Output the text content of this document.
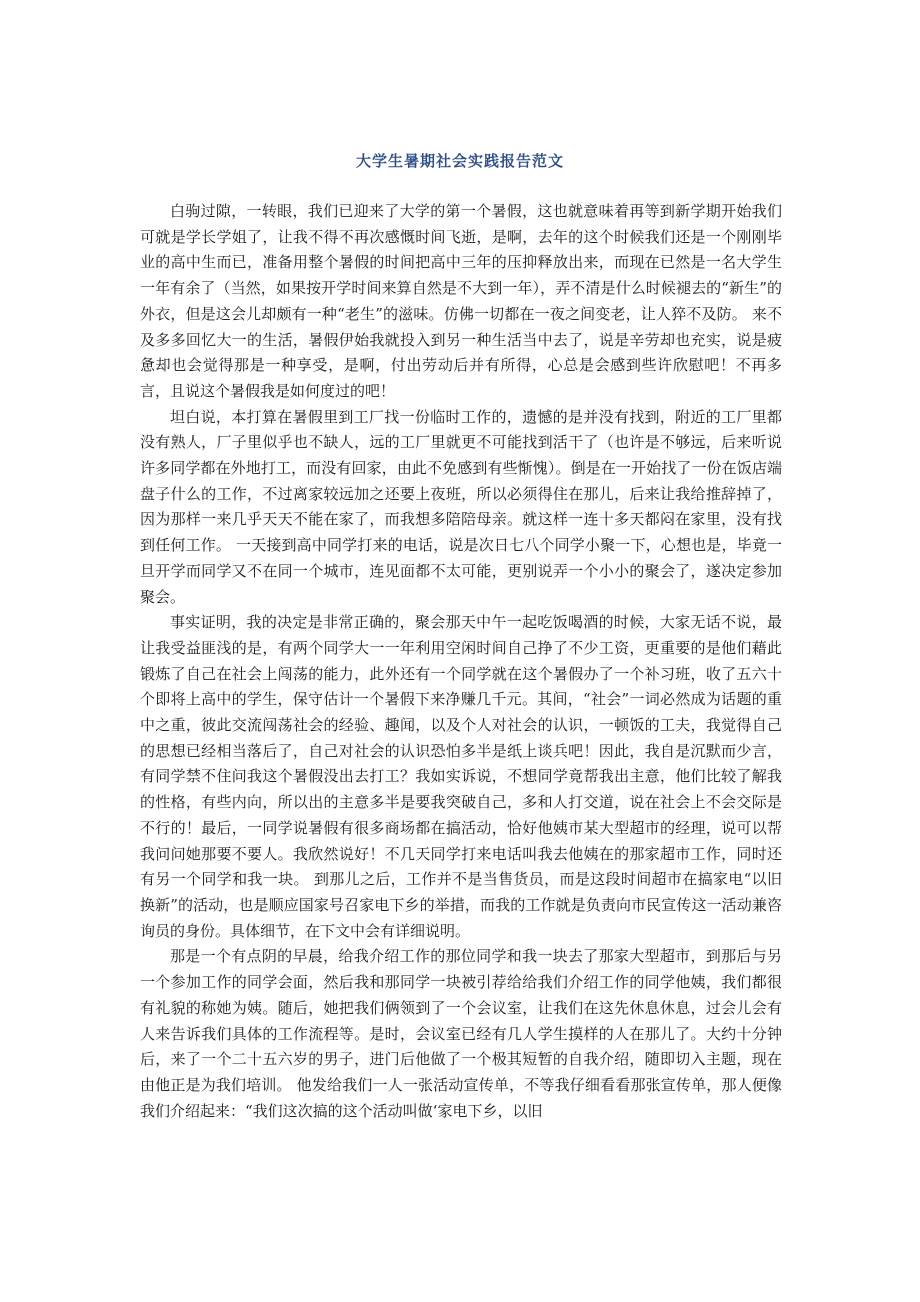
大学生暑期社会实践报告范文

白驹过隙，一转眼，我们已迎来了大学的第一个暑假，这也就意味着再等到新学期开始我们可就是学长学姐了，让我不得不再次感慨时间飞逝，是啊，去年的这个时候我们还是一个刚刚毕业的高中生而已，准备用整个暑假的时间把高中三年的压抑释放出来，而现在已然是一名大学生一年有余了（当然，如果按开学时间来算自然是不大到一年），弄不清是什么时候褪去的“新生”的外衣，但是这会儿却颇有一种“老生”的滋味。仿佛一切都在一夜之间变老，让人猝不及防。 来不及多多回忆大一的生活，暑假伊始我就投入到另一种生活当中去了，说是辛劳却也充实，说是疲惫却也会觉得那是一种享受，是啊，付出劳动后并有所得，心总是会感到些许欣慰吧！不再多言，且说这个暑假我是如何度过的吧！

坦白说，本打算在暑假里到工厂找一份临时工作的，遗憾的是并没有找到，附近的工厂里都没有熟人，厂子里似乎也不缺人，远的工厂里就更不可能找到活干了（也许是不够远，后来听说许多同学都在外地打工，而没有回家，由此不免感到有些惭愧）。倒是在一开始找了一份在饭店端盘子什么的工作，不过离家较远加之还要上夜班，所以必须得住在那儿，后来让我给推辞掉了，因为那样一来几乎天天不能在家了，而我想多陪陪母亲。就这样一连十多天都闷在家里，没有找到任何工作。 一天接到高中同学打来的电话，说是次日七八个同学小聚一下，心想也是，毕竟一旦开学而同学又不在同一个城市，连见面都不太可能，更别说弄一个小小的聚会了，遂决定参加聚会。

事实证明，我的决定是非常正确的，聚会那天中午一起吃饭喝酒的时候，大家无话不说，最让我受益匪浅的是，有两个同学大一一年利用空闲时间自己挣了不少工资，更重要的是他们藉此锻炼了自己在社会上闯荡的能力，此外还有一个同学就在这个暑假办了一个补习班，收了五六十个即将上高中的学生，保守估计一个暑假下来净赚几千元。其间，“社会”一词必然成为话题的重中之重，彼此交流闯荡社会的经验、趣闻，以及个人对社会的认识，一顿饭的工夫，我觉得自己的思想已经相当落后了，自己对社会的认识恐怕多半是纸上谈兵吧！因此，我自是沉默而少言，有同学禁不住问我这个暑假没出去打工？我如实诉说，不想同学竟帮我出主意，他们比较了解我的性格，有些内向，所以出的主意多半是要我突破自己，多和人打交道，说在社会上不会交际是不行的！最后，一同学说暑假有很多商场都在搞活动，恰好他姨市某大型超市的经理，说可以帮我问问她那要不要人。我欣然说好！不几天同学打来电话叫我去他姨在的那家超市工作，同时还有另一个同学和我一块。 到那儿之后，工作并不是当售货员，而是这段时间超市在搞家电“以旧换新”的活动，也是顺应国家号召家电下乡的举措，而我的工作就是负责向市民宣传这一活动兼咨询员的身份。具体细节，在下文中会有详细说明。

那是一个有点阴的早晨，给我介绍工作的那位同学和我一块去了那家大型超市，到那后与另一个参加工作的同学会面，然后我和那同学一块被引荐给给我们介绍工作的同学他姨，我们都很有礼貌的称她为姨。随后，她把我们俩领到了一个会议室，让我们在这先休息休息，过会儿会有人来告诉我们具体的工作流程等。是时，会议室已经有几人学生摸样的人在那儿了。大约十分钟后，来了一个二十五六岁的男子，进门后他做了一个极其短暂的自我介绍，随即切入主题，现在由他正是为我们培训。 他发给我们一人一张活动宣传单，不等我仔细看看那张宣传单，那人便像我们介绍起来：“我们这次搞的这个活动叫做‘家电下乡，以旧
